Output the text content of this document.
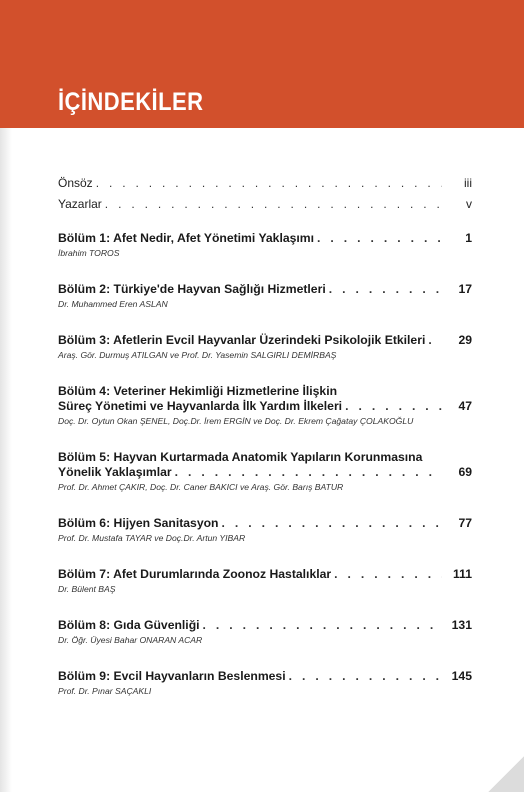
İÇİNDEKİLER
Önsöz . . .	iii
Yazarlar . . .	v
Bölüm 1: Afet Nedir, Afet Yönetimi Yaklaşımı . . .	1
İbrahim TOROS
Bölüm 2: Türkiye'de Hayvan Sağlığı Hizmetleri . . .	17
Dr. Muhammed Eren ASLAN
Bölüm 3: Afetlerin Evcil Hayvanlar Üzerindeki Psikolojik Etkileri . . .	29
Araş. Gör. Durmuş ATILGAN ve Prof. Dr. Yasemin SALGIRLI DEMİRBAŞ
Bölüm 4: Veteriner Hekimliği Hizmetlerine İlişkin
Süreç Yönetimi ve Hayvanlarda İlk Yardım İlkeleri . . .	47
Doç. Dr. Oytun Okan ŞENEL, Doç.Dr. İrem ERGİN ve Doç. Dr. Ekrem Çağatay ÇOLAKOĞLU
Bölüm 5: Hayvan Kurtarmada Anatomik Yapıların Korunmasına
Yönelik Yaklaşımlar . . .	69
Prof. Dr. Ahmet ÇAKIR, Doç. Dr. Caner BAKICI ve Araş. Gör. Barış BATUR
Bölüm 6: Hijyen Sanitasyon . . .	77
Prof. Dr. Mustafa TAYAR ve Doç.Dr. Artun YIBAR
Bölüm 7: Afet Durumlarında Zoonoz Hastalıklar . . .	111
Dr. Bülent BAŞ
Bölüm 8: Gıda Güvenliği . . .	131
Dr. Öğr. Üyesi Bahar ONARAN ACAR
Bölüm 9: Evcil Hayvanların Beslenmesi . . .	145
Prof. Dr. Pınar SAÇAKLI
